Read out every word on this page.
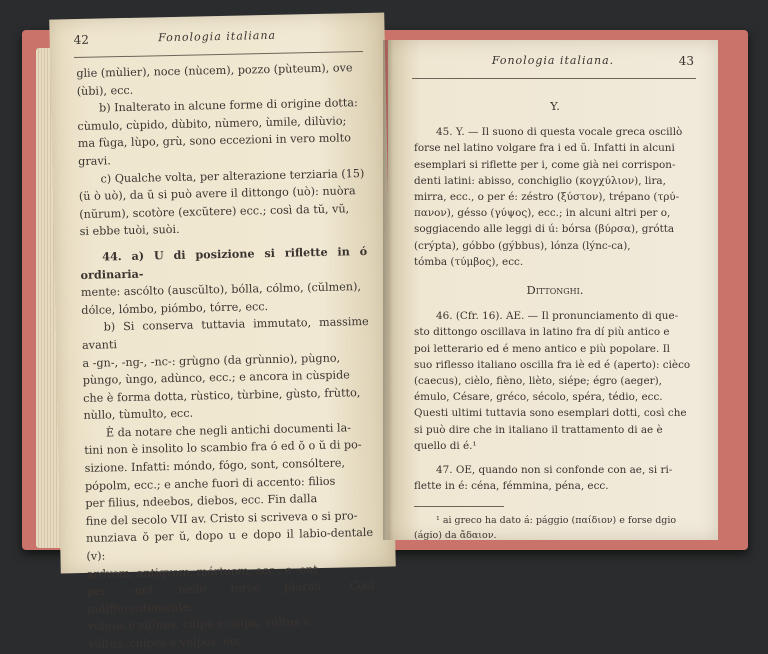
42	Fonologia italiana

glie (mùlier), noce (nùcem), pozzo (pùteum), ove

(ùbi), ecc.

b) Inalterato in alcune forme di origine dotta:

cùmulo, cùpido, dùbito, nùmero, ùmile, dilùvio;

ma fùga, lùpo, grù, sono eccezioni in vero molto

gravi.

c) Qualche volta, per alterazione terziaria (15)

(ü ò uò), da ŭ si può avere il dittongo (uò): nuòra

(nŭrum), scotòre (excŭtere) ecc.; così da tŭ, vŭ,

si ebbe tuòi, suòi.

44. a) U di posizione si riflette in ó ordinaria-

mente: ascólto (auscŭlto), bólla, cólmo, (cŭlmen),

dólce, lómbo, piómbo, tórre, ecc.

b) Si conserva tuttavia immutato, massime avanti

a -gn-, -ng-, -nc-: grùgno (da grùnnio), pùgno,

pùngo, ùngo, adùnco, ecc.; e ancora in cùspide

che è forma dotta, rùstico, tùrbine, gùsto, frùtto,

nùllo, tùmulto, ecc.

È da notare che negli antichi documenti la-

tini non è insolito lo scambio fra ó ed ŏ o ŭ di po-

sizione. Infatti: móndo, fógo, sont, consóltere,

pópolm, ecc.; e anche fuori di accento: filios

per filius, ndeebos, diebos, ecc. Fin dalla

fine del secolo VII av. Cristo si scriveva o si pro-

nunziava ŏ per ŭ, dopo u e dopo il labio-dentale (v):

ardvom, antiqvom, mórtuom, ecc., e -ont

per -unt nelle terze plurali. Così indifferentemente:

vólnus e vùlnus, cùlpa e cólpa, vúltus e

vóltus, cùlpes e vólpes, ecc.

Fonologia italiana.	43

Y.

45. Y. — Il suono di questa vocale greca oscillò

forse nel latino volgare fra i ed ŭ. Infatti in alcuni

esemplari si riflette per i, come già nei corrispon-

denti latini: abisso, conchiglio (κογχύλιον), lira,

mirra, ecc., o per é: zéstro (ξύστον), trépano (τρύ-

πανον), gésso (γύψος), ecc.; in alcuni altri per o,

soggiacendo alle leggi di ú: bórsa (βύρσα), grótta

(crýpta), góbbo (gýbbus), lónza (lýnc-ca),

tómba (τύμβος), ecc.

Dittonghi.

46. (Cfr. 16). AE. — Il pronunciamento di que-

sto dittongo oscillava in latino fra dí più antico e

poi letterario ed é meno antico e più popolare. Il

suo riflesso italiano oscilla fra iè ed é (aperto): cièco

(caecus), cièlo, fièno, lièto, siépe; égro (aeger),

émulo, Césare, gréco, sécolo, spéra, tédio, ecc.

Questi ultimi tuttavia sono esemplari dotti, così che

si può dire che in italiano il trattamento di ae è

quello di é.¹

47. OE, quando non si confonde con ae, si ri-

flette in é: céna, fémmina, péna, ecc.

¹ ai greco ha dato á: pággio (παίδιον) e forse dgio

(ágio) da ἄδαιον.
